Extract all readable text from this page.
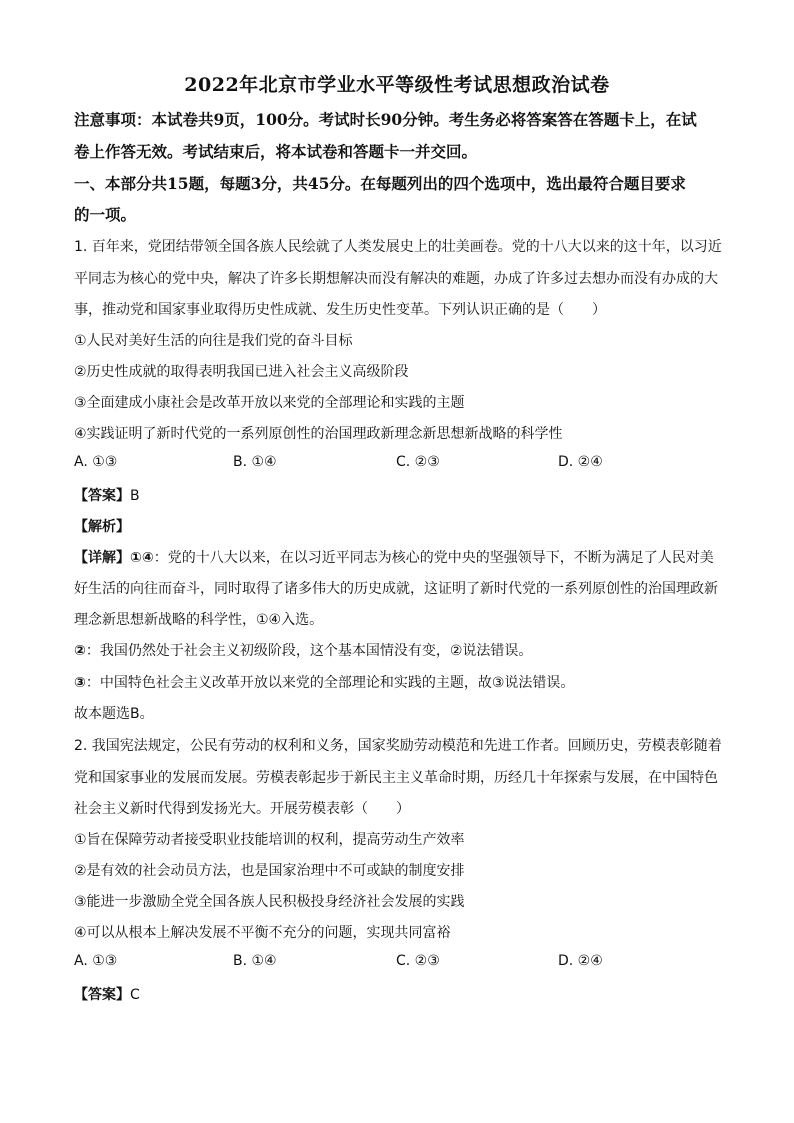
2022年北京市学业水平等级性考试思想政治试卷
注意事项：本试卷共9页，100分。考试时长90分钟。考生务必将答案答在答题卡上，在试
卷上作答无效。考试结束后，将本试卷和答题卡一并交回。
一、本部分共15题，每题3分，共45分。在每题列出的四个选项中，选出最符合题目要求
的一项。
1. 百年来，党团结带领全国各族人民绘就了人类发展史上的壮美画卷。党的十八大以来的这十年，以习近
平同志为核心的党中央，解决了许多长期想解决而没有解决的难题，办成了许多过去想办而没有办成的大
事，推动党和国家事业取得历史性成就、发生历史性变革。下列认识正确的是（　　）
①人民对美好生活的向往是我们党的奋斗目标
②历史性成就的取得表明我国已进入社会主义高级阶段
③全面建成小康社会是改革开放以来党的全部理论和实践的主题
④实践证明了新时代党的一系列原创性的治国理政新理念新思想新战略的科学性
A. ①③	B. ①④	C. ②③	D. ②④
【答案】B
【解析】
【详解】①④：党的十八大以来，在以习近平同志为核心的党中央的坚强领导下，不断为满足了人民对美
好生活的向往而奋斗，同时取得了诸多伟大的历史成就，这证明了新时代党的一系列原创性的治国理政新
理念新思想新战略的科学性，①④入选。
②：我国仍然处于社会主义初级阶段，这个基本国情没有变，②说法错误。
③：中国特色社会主义改革开放以来党的全部理论和实践的主题，故③说法错误。
故本题选B。
2. 我国宪法规定，公民有劳动的权利和义务，国家奖励劳动模范和先进工作者。回顾历史，劳模表彰随着
党和国家事业的发展而发展。劳模表彰起步于新民主主义革命时期，历经几十年探索与发展，在中国特色
社会主义新时代得到发扬光大。开展劳模表彰（　　）
①旨在保障劳动者接受职业技能培训的权利，提高劳动生产效率
②是有效的社会动员方法，也是国家治理中不可或缺的制度安排
③能进一步激励全党全国各族人民积极投身经济社会发展的实践
④可以从根本上解决发展不平衡不充分的问题，实现共同富裕
A. ①③	B. ①④	C. ②③	D. ②④
【答案】C
